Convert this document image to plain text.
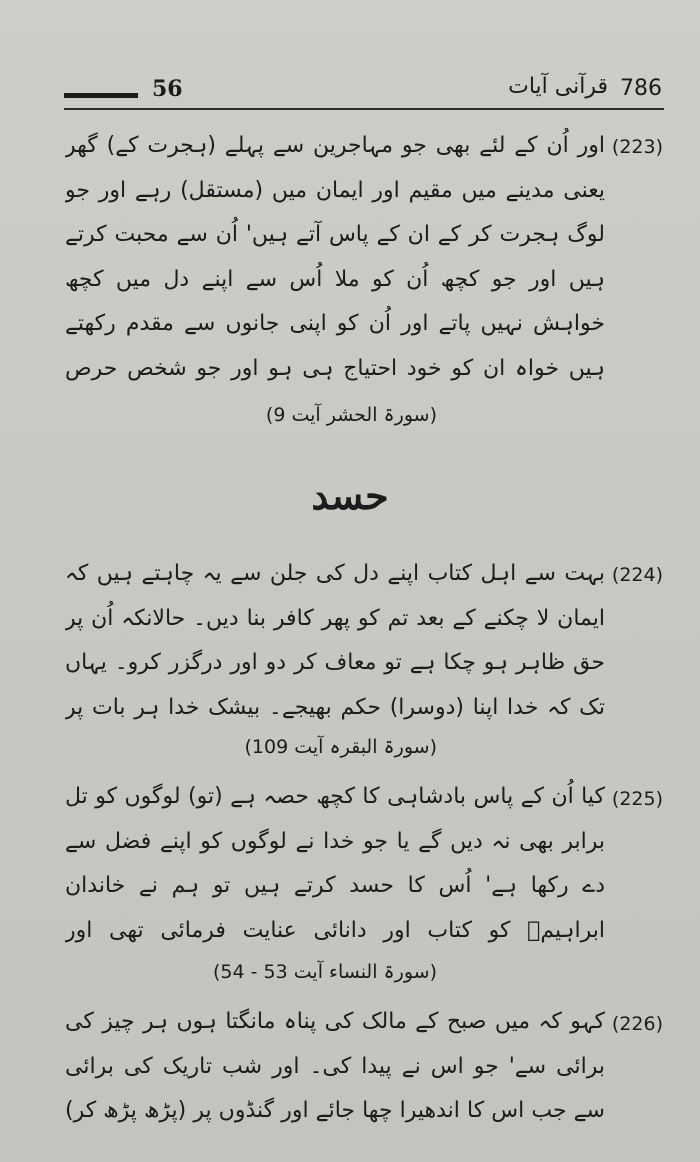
56	قرآنی آیات 786
(223)
اور اُن کے لئے بھی جو مہاجرین سے پہلے (ہجرت کے) گھر یعنی مدینے میں مقیم اور ایمان میں (مستقل) رہے اور جو لوگ ہجرت کر کے ان کے پاس آتے ہیں' اُن سے محبت کرتے ہیں اور جو کچھ اُن کو ملا اُس سے اپنے دل میں کچھ خواہش نہیں پاتے اور اُن کو اپنی جانوں سے مقدم رکھتے ہیں خواہ ان کو خود احتیاج ہی ہو اور جو شخص حرص
(سورۃ الحشر آیت 9)
حسد
(224)
بہت سے اہل کتاب اپنے دل کی جلن سے یہ چاہتے ہیں کہ ایمان لا چکنے کے بعد تم کو پھر کافر بنا دیں۔ حالانکہ اُن پر حق ظاہر ہو چکا ہے تو معاف کر دو اور درگزر کرو۔ یہاں تک کہ خدا اپنا (دوسرا) حکم بھیجے۔ بیشک خدا ہر بات پر
(سورۃ البقرہ آیت 109)
(225)
کیا اُن کے پاس بادشاہی کا کچھ حصہ ہے (تو) لوگوں کو تل برابر بھی نہ دیں گے یا جو خدا نے لوگوں کو اپنے فضل سے دے رکھا ہے' اُس کا حسد کرتے ہیں تو ہم نے خاندان ابراہیمؑ کو کتاب اور دانائی عنایت فرمائی تھی اور
(سورۃ النساء آیت 53 - 54)
(226)
کہو کہ میں صبح کے مالک کی پناہ مانگتا ہوں ہر چیز کی برائی سے' جو اس نے پیدا کی۔ اور شب تاریک کی برائی سے جب اس کا اندھیرا چھا جائے اور گنڈوں پر (پڑھ پڑھ کر)
